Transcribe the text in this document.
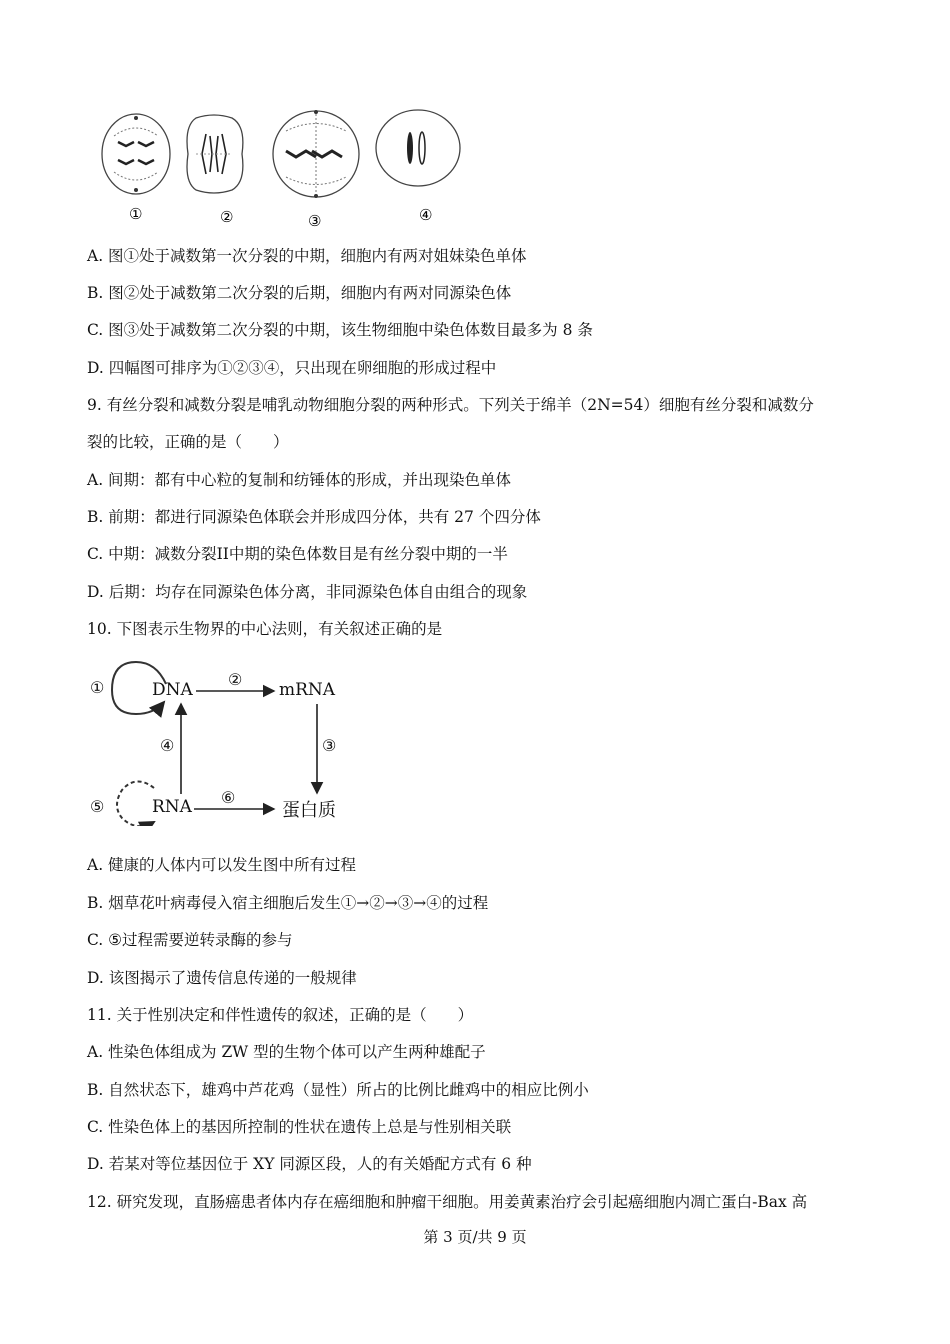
①	②	③	④
A. 图①处于减数第一次分裂的中期，细胞内有两对姐妹染色单体
B. 图②处于减数第二次分裂的后期，细胞内有两对同源染色体
C. 图③处于减数第二次分裂的中期，该生物细胞中染色体数目最多为 8 条
D. 四幅图可排序为①②③④，只出现在卵细胞的形成过程中
9. 有丝分裂和减数分裂是哺乳动物细胞分裂的两种形式。下列关于绵羊（2N=54）细胞有丝分裂和减数分
裂的比较，正确的是（　　）
A. 间期：都有中心粒的复制和纺锤体的形成，并出现染色单体
B. 前期：都进行同源染色体联会并形成四分体，共有 27 个四分体
C. 中期：减数分裂II中期的染色体数目是有丝分裂中期的一半
D. 后期：均存在同源染色体分离，非同源染色体自由组合的现象
10. 下图表示生物界的中心法则，有关叙述正确的是
DNA	mRNA
RNA	蛋白质
①	②
③
④
⑤	⑥
A. 健康的人体内可以发生图中所有过程
B. 烟草花叶病毒侵入宿主细胞后发生①→②→③→④的过程
C. ⑤过程需要逆转录酶的参与
D. 该图揭示了遗传信息传递的一般规律
11. 关于性别决定和伴性遗传的叙述，正确的是（　　）
A. 性染色体组成为 ZW 型的生物个体可以产生两种雄配子
B. 自然状态下，雄鸡中芦花鸡（显性）所占的比例比雌鸡中的相应比例小
C. 性染色体上的基因所控制的性状在遗传上总是与性别相关联
D. 若某对等位基因位于 XY 同源区段，人的有关婚配方式有 6 种
12. 研究发现，直肠癌患者体内存在癌细胞和肿瘤干细胞。用姜黄素治疗会引起癌细胞内凋亡蛋白-Bax 高
第 3 页/共 9 页
